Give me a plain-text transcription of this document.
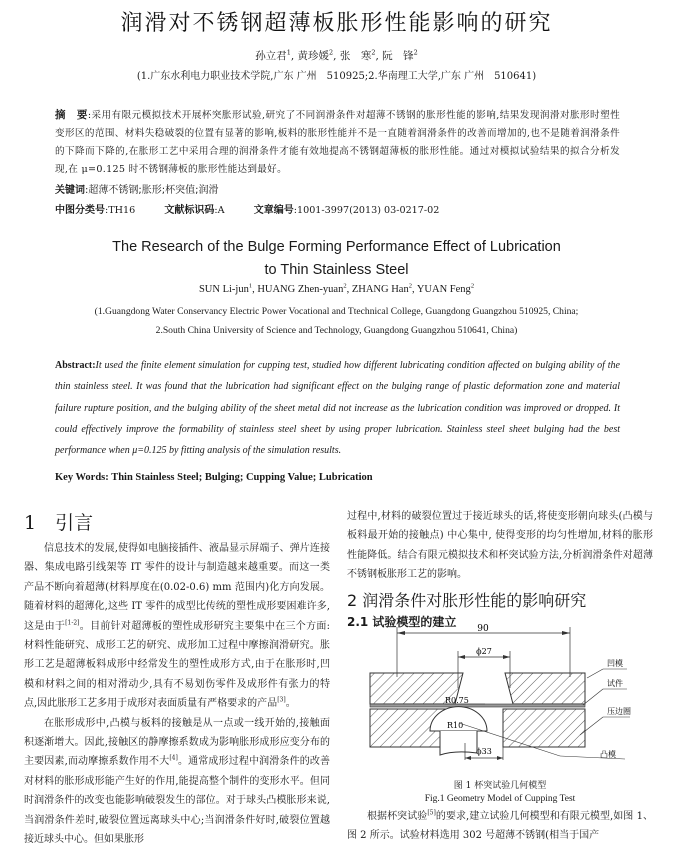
润滑对不锈钢超薄板胀形性能影响的研究
孙立君$^1$, 黄珍媛$^2$, 张　寒$^2$, 阮　锋$^2$
(1.广东水利电力职业技术学院,广东 广州　510925;2.华南理工大学,广东 广州　510641)
摘　要:采用有限元模拟技术开展杯突胀形试验,研究了不同润滑条件对超薄不锈钢的胀形性能的影响,结果发现润滑对胀形时塑性变形区的范围、材料失稳破裂的位置有显著的影响,板料的胀形性能并不是一直随着润滑条件的改善而增加的,也不是随着润滑条件的下降而下降的,在胀形工艺中采用合理的润滑条件才能有效地提高不锈钢超薄板的胀形性能。通过对模拟试验结果的拟合分析发现,在 μ=0.125 时不锈钢薄板的胀形性能达到最好。
关键词:超薄不锈钢;胀形;杯突值;润滑
中图分类号:TH16	文献标识码:A	文章编号:1001-3997(2013) 03-0217-02
The Research of the Bulge Forming Performance Effect of Lubrication
to Thin Stainless Steel
SUN Li-jun$^1$, HUANG Zhen-yuan$^2$, ZHANG Han$^2$, YUAN Feng$^2$
(1.Guangdong Water Conservancy Electric Power Vocational and Ttechnical College, Guangdong Guangzhou 510925, China;
2.South China University of Science and Technology, Guangdong Guangzhou 510641, China)
Abstract:It used the finite element simulation for cupping test, studied how different lubricating condition affected on bulging ability of the thin stainless steel. It was found that the lubrication had significant effect on the bulging range of plastic deformation zone and material failure rupture position, and the bulging ability of the sheet metal did not increase as the lubrication condition was improved or dropped. It could effectively improve the formability of stainless steel sheet by using proper lubrication. Stainless steel sheet bulging had the best performance when μ=0.125 by fitting analysis of the simulation results.
Key Words: Thin Stainless Steel; Bulging; Cupping Value; Lubrication
1　引言

信息技术的发展,使得如电脑接插件、液晶显示屏端子、弹片连接器、集成电路引线架等 IT 零件的设计与制造越来越重要。而这一类产品不断向着超薄(材料厚度在(0.02-0.6) mm 范围内)化方向发展。随着材料的超薄化,这些 IT 零件的成型比传统的塑性成形要困难许多,这是由于[1-2]。目前针对超薄板的塑性成形研究主要集中在三个方面:材料性能研究、成形工艺的研究、成形加工过程中摩擦润滑研究。胀形工艺是超薄板料成形中经常发生的塑性成形方式,由于在胀形时,凹模和材料之间的相对滑动少,具有不易划伤零件及成形件有张力的特点,因此胀形工艺多用于成形对表面质量有严格要求的产品[3]。

在胀形成形中,凸模与板料的接触是从一点或一线开始的,接触面积逐渐增大。因此,接触区的静摩擦系数成为影响胀形成形应变分布的主要因素,而动摩擦系数作用不大[4]。通常成形过程中润滑条件的改善对材料的胀形成形能产生好的作用,能提高整个制件的变形水平。但同时润滑条件的改变也能影响破裂发生的部位。对于球头凸模胀形来说,当润滑条件差时,破裂位置远离球头中心;当润滑条件好时,破裂位置越接近球头中心。但如果胀形

过程中,材料的破裂位置过于接近球头的话,将使变形朝向球头(凸模与板料最开始的接触点) 中心集中, 使得变形的均匀性增加,材料的胀形性能降低。结合有限元模拟技术和杯突试验方法,分析润滑条件对超薄不锈钢板胀形工艺的影响。

2 润滑条件对胀形性能的影响研究
2.1 试验模型的建立
90
ϕ27
R0.75
R10
ϕ33
凹模
试件
压边圈
凸模
图 1 杯突试验几何模型
Fig.1 Geometry Model of Cupping Test

根据杯突试验[5]的要求,建立试验几何模型和有限元模型,如图 1、图 2 所示。试验材料选用 302 号超薄不锈钢(相当于国产
